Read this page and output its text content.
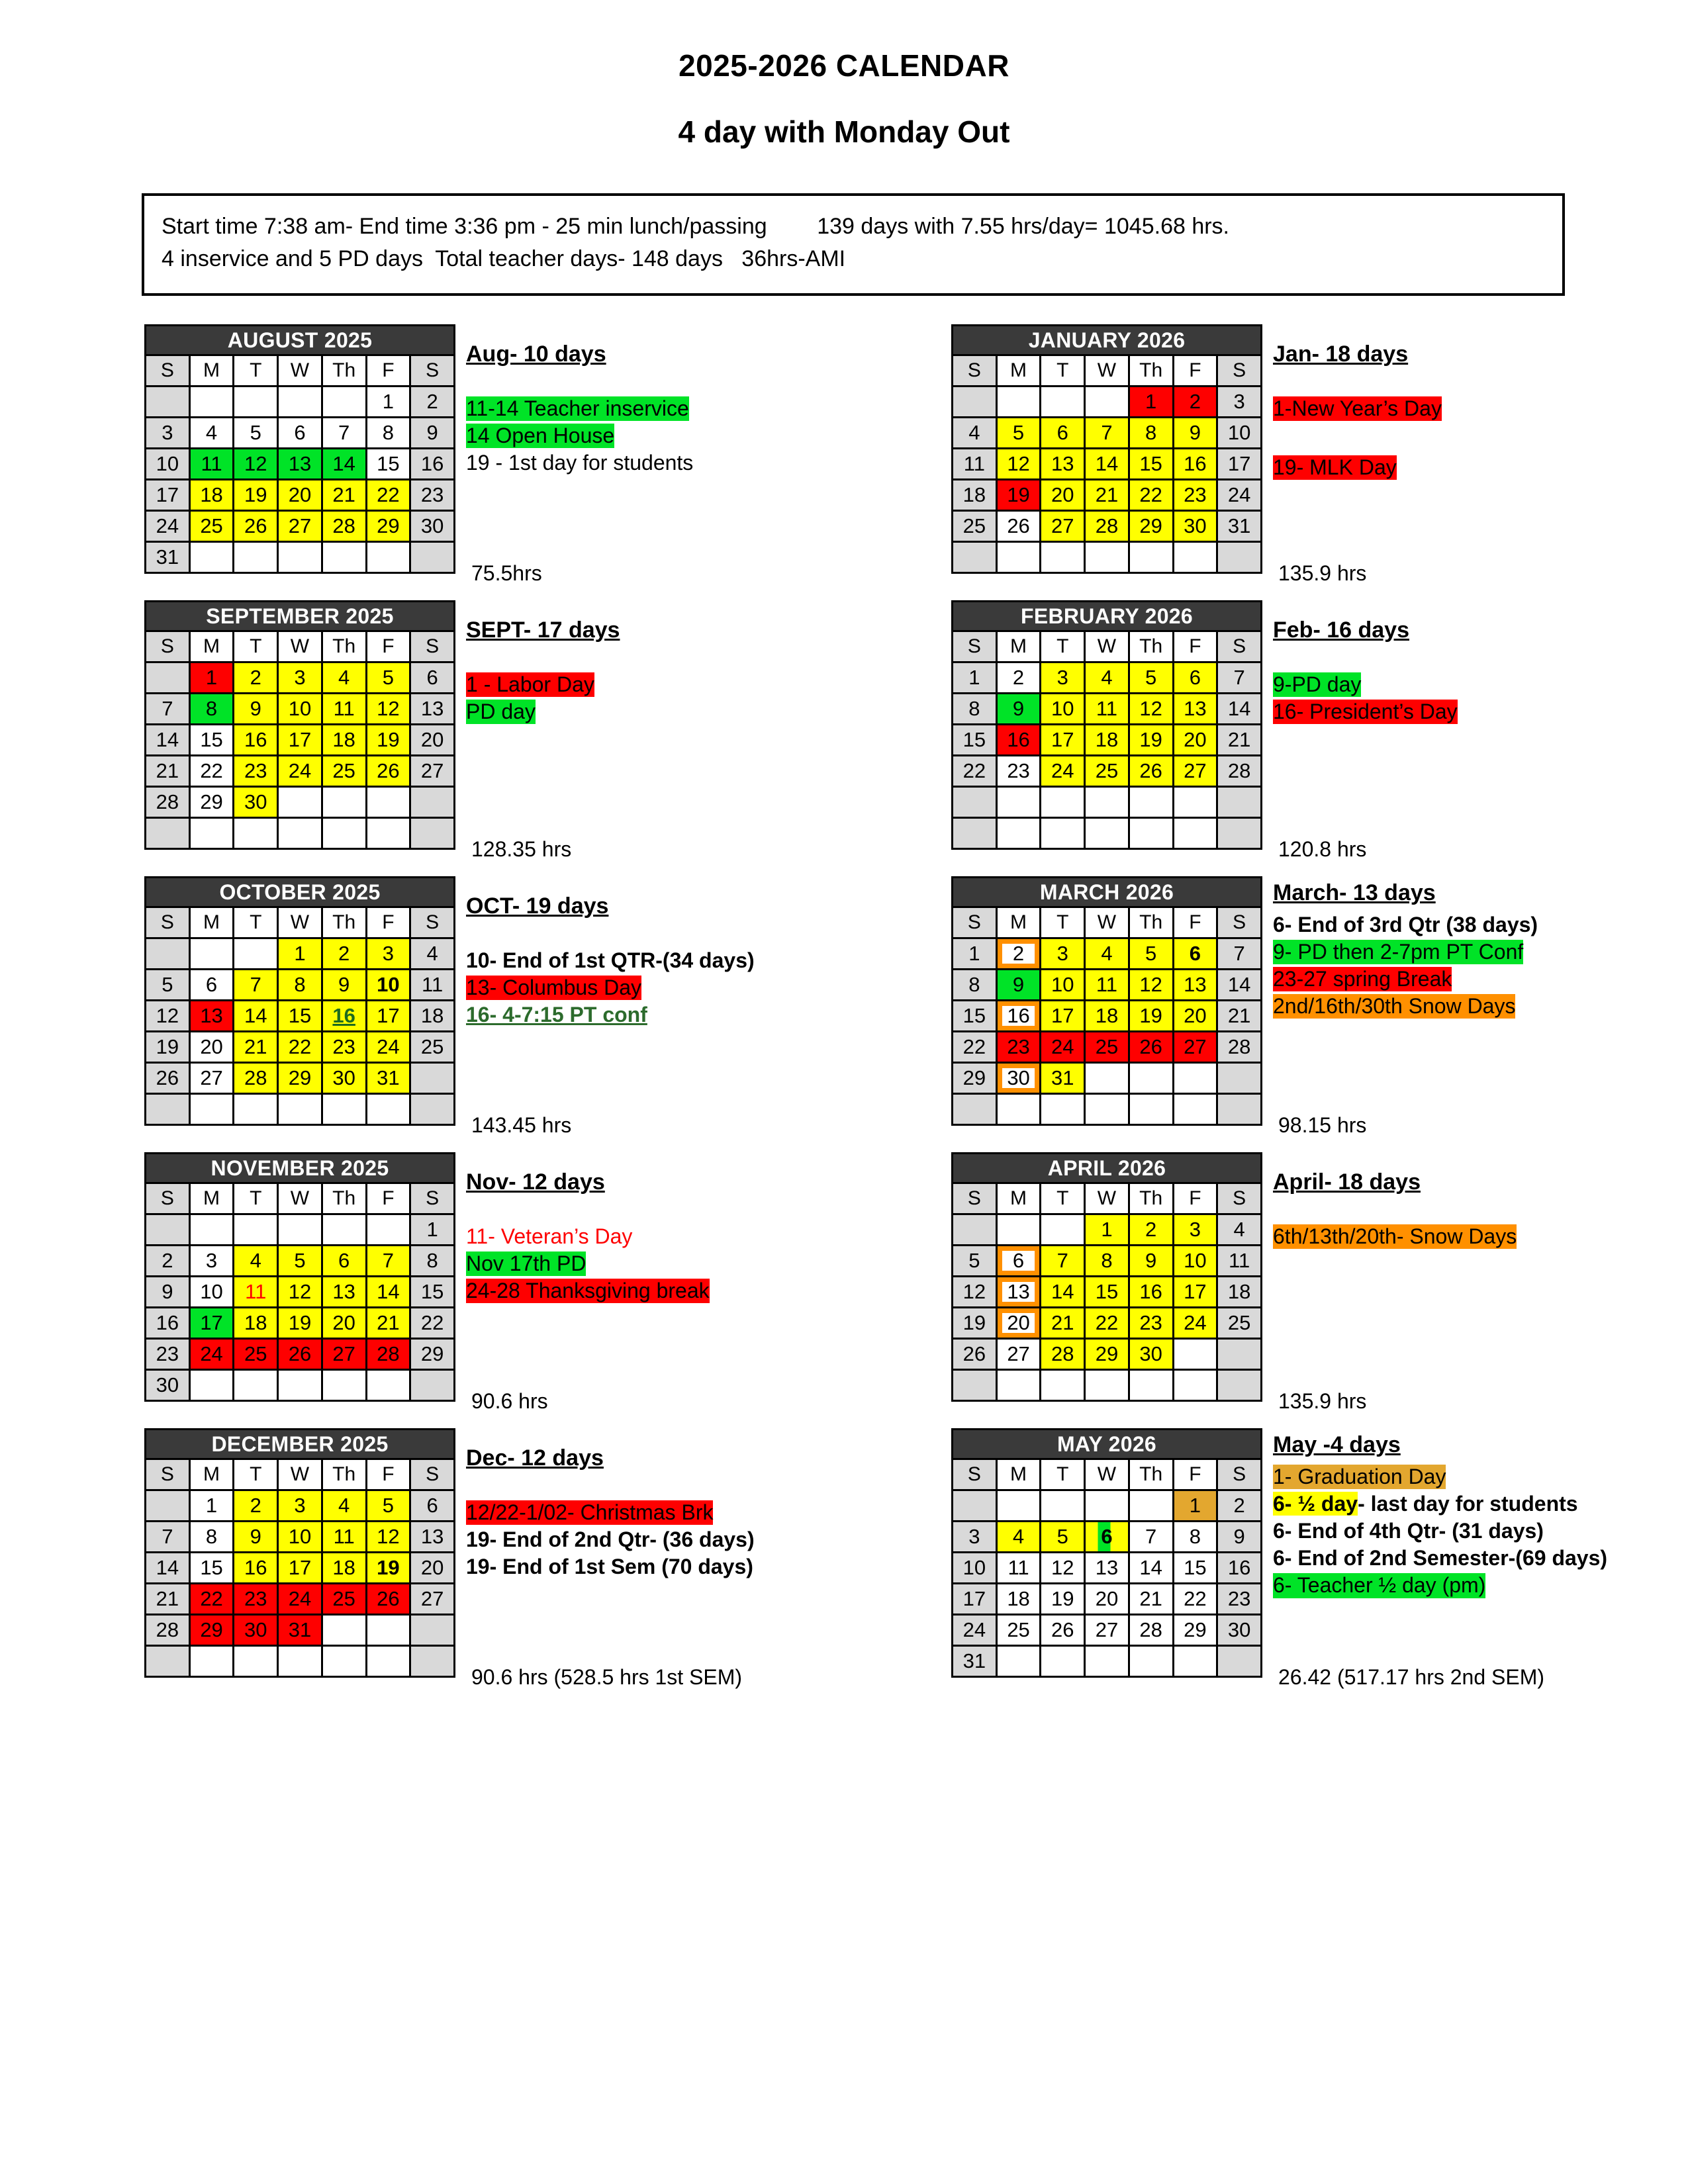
2025-2026 CALENDAR
4 day with Monday Out
Start time 7:38 am- End time 3:36 pm - 25 min lunch/passing        139 days with 7.55 hrs/day= 1045.68 hrs.
4 inservice and 5 PD days  Total teacher days- 148 days   36hrs-AMI
AUGUST 2025						
S	M	T	W	Th	F	S
					1	2
3	4	5	6	7	8	9
10	11	12	13	14	15	16
17	18	19	20	21	22	23
24	25	26	27	28	29	30
31						
75.5hrs
Aug- 10 days
11-14 Teacher inservice
14 Open House
19 - 1st day for students
JANUARY 2026						
S	M	T	W	Th	F	S
				1	2	3
4	5	6	7	8	9	10
11	12	13	14	15	16	17
18	19	20	21	22	23	24
25	26	27	28	29	30	31

135.9 hrs
Jan- 18 days
1-New Year’s Day
19- MLK Day
SEPTEMBER 2025						
S	M	T	W	Th	F	S
	1	2	3	4	5	6
7	8	9	10	11	12	13
14	15	16	17	18	19	20
21	22	23	24	25	26	27
28	29	30				

128.35 hrs
SEPT- 17 days
1 - Labor Day
PD day
FEBRUARY 2026						
S	M	T	W	Th	F	S
1	2	3	4	5	6	7
8	9	10	11	12	13	14
15	16	17	18	19	20	21
22	23	24	25	26	27	28

120.8 hrs
Feb- 16 days
9-PD day
16- President’s Day
OCTOBER 2025						
S	M	T	W	Th	F	S
			1	2	3	4
5	6	7	8	9	10	11
12	13	14	15	16	17	18
19	20	21	22	23	24	25
26	27	28	29	30	31	

143.45 hrs
OCT- 19 days
10- End of 1st QTR-(34 days)
13- Columbus Day
16- 4-7:15 PT conf
MARCH 2026						
S	M	T	W	Th	F	S
1	2	3	4	5	6	7
8	9	10	11	12	13	14
15	16	17	18	19	20	21
22	23	24	25	26	27	28
29	30	31				

98.15 hrs
March- 13 days
6- End of 3rd Qtr (38 days)
9- PD then 2-7pm PT Conf
23-27 spring Break
2nd/16th/30th Snow Days
NOVEMBER 2025						
S	M	T	W	Th	F	S
						1
2	3	4	5	6	7	8
9	10	11	12	13	14	15
16	17	18	19	20	21	22
23	24	25	26	27	28	29
30						
90.6 hrs
Nov- 12 days
11- Veteran’s Day
Nov 17th PD
24-28 Thanksgiving break
APRIL 2026						
S	M	T	W	Th	F	S
			1	2	3	4
5	6	7	8	9	10	11
12	13	14	15	16	17	18
19	20	21	22	23	24	25
26	27	28	29	30		

135.9 hrs
April- 18 days
6th/13th/20th- Snow Days
DECEMBER 2025						
S	M	T	W	Th	F	S
	1	2	3	4	5	6
7	8	9	10	11	12	13
14	15	16	17	18	19	20
21	22	23	24	25	26	27
28	29	30	31			

90.6 hrs (528.5 hrs 1st SEM)
Dec- 12 days
12/22-1/02- Christmas Brk
19- End of 2nd Qtr- (36 days)
19- End of 1st Sem (70 days)
MAY 2026						
S	M	T	W	Th	F	S
					1	2
3	4	5	6	7	8	9
10	11	12	13	14	15	16
17	18	19	20	21	22	23
24	25	26	27	28	29	30
31						
26.42 (517.17 hrs 2nd SEM)
May -4 days
1- Graduation Day
6- ½ day- last day for students
6- End of 4th Qtr- (31 days)
6- End of 2nd Semester-(69 days)
6- Teacher ½ day (pm)
